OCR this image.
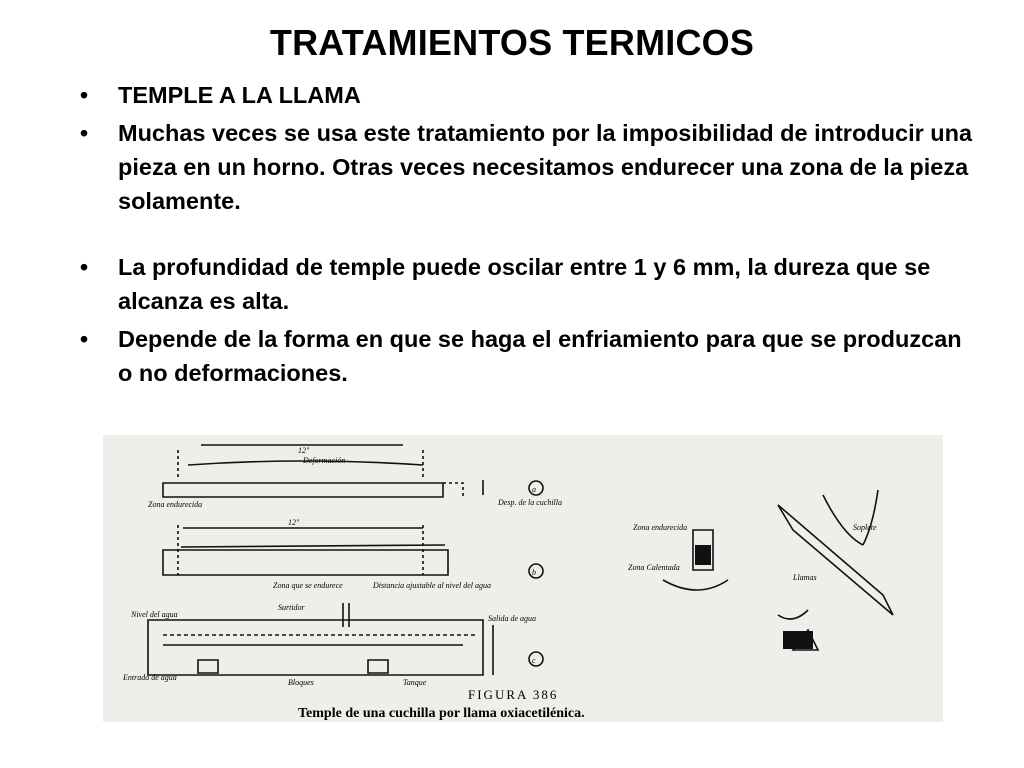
TRATAMIENTOS TERMICOS
• TEMPLE A LA LLAMA
• Muchas veces se usa este tratamiento por la imposibilidad de introducir una pieza en un horno. Otras veces necesitamos endurecer una zona de la pieza solamente.
• La profundidad de temple puede oscilar entre 1 y 6 mm, la dureza que se alcanza es alta.
• Depende de la forma en que se haga el enfriamiento para que se produzcan o no deformaciones.
12"
Deformación
Zona endurecida	Desp. de la cuchilla
12"
Zona que se endurece	Distancia ajustable al nivel del agua
Nivel del agua
Surtidor
Salida de agua
Entrada de agua
Bloques	Tanque
Zona endurecida
Zona Calentada
Soplete
Llamas
a
b
c
FIGURA 386
Temple de una cuchilla por llama oxiacetilénica.
